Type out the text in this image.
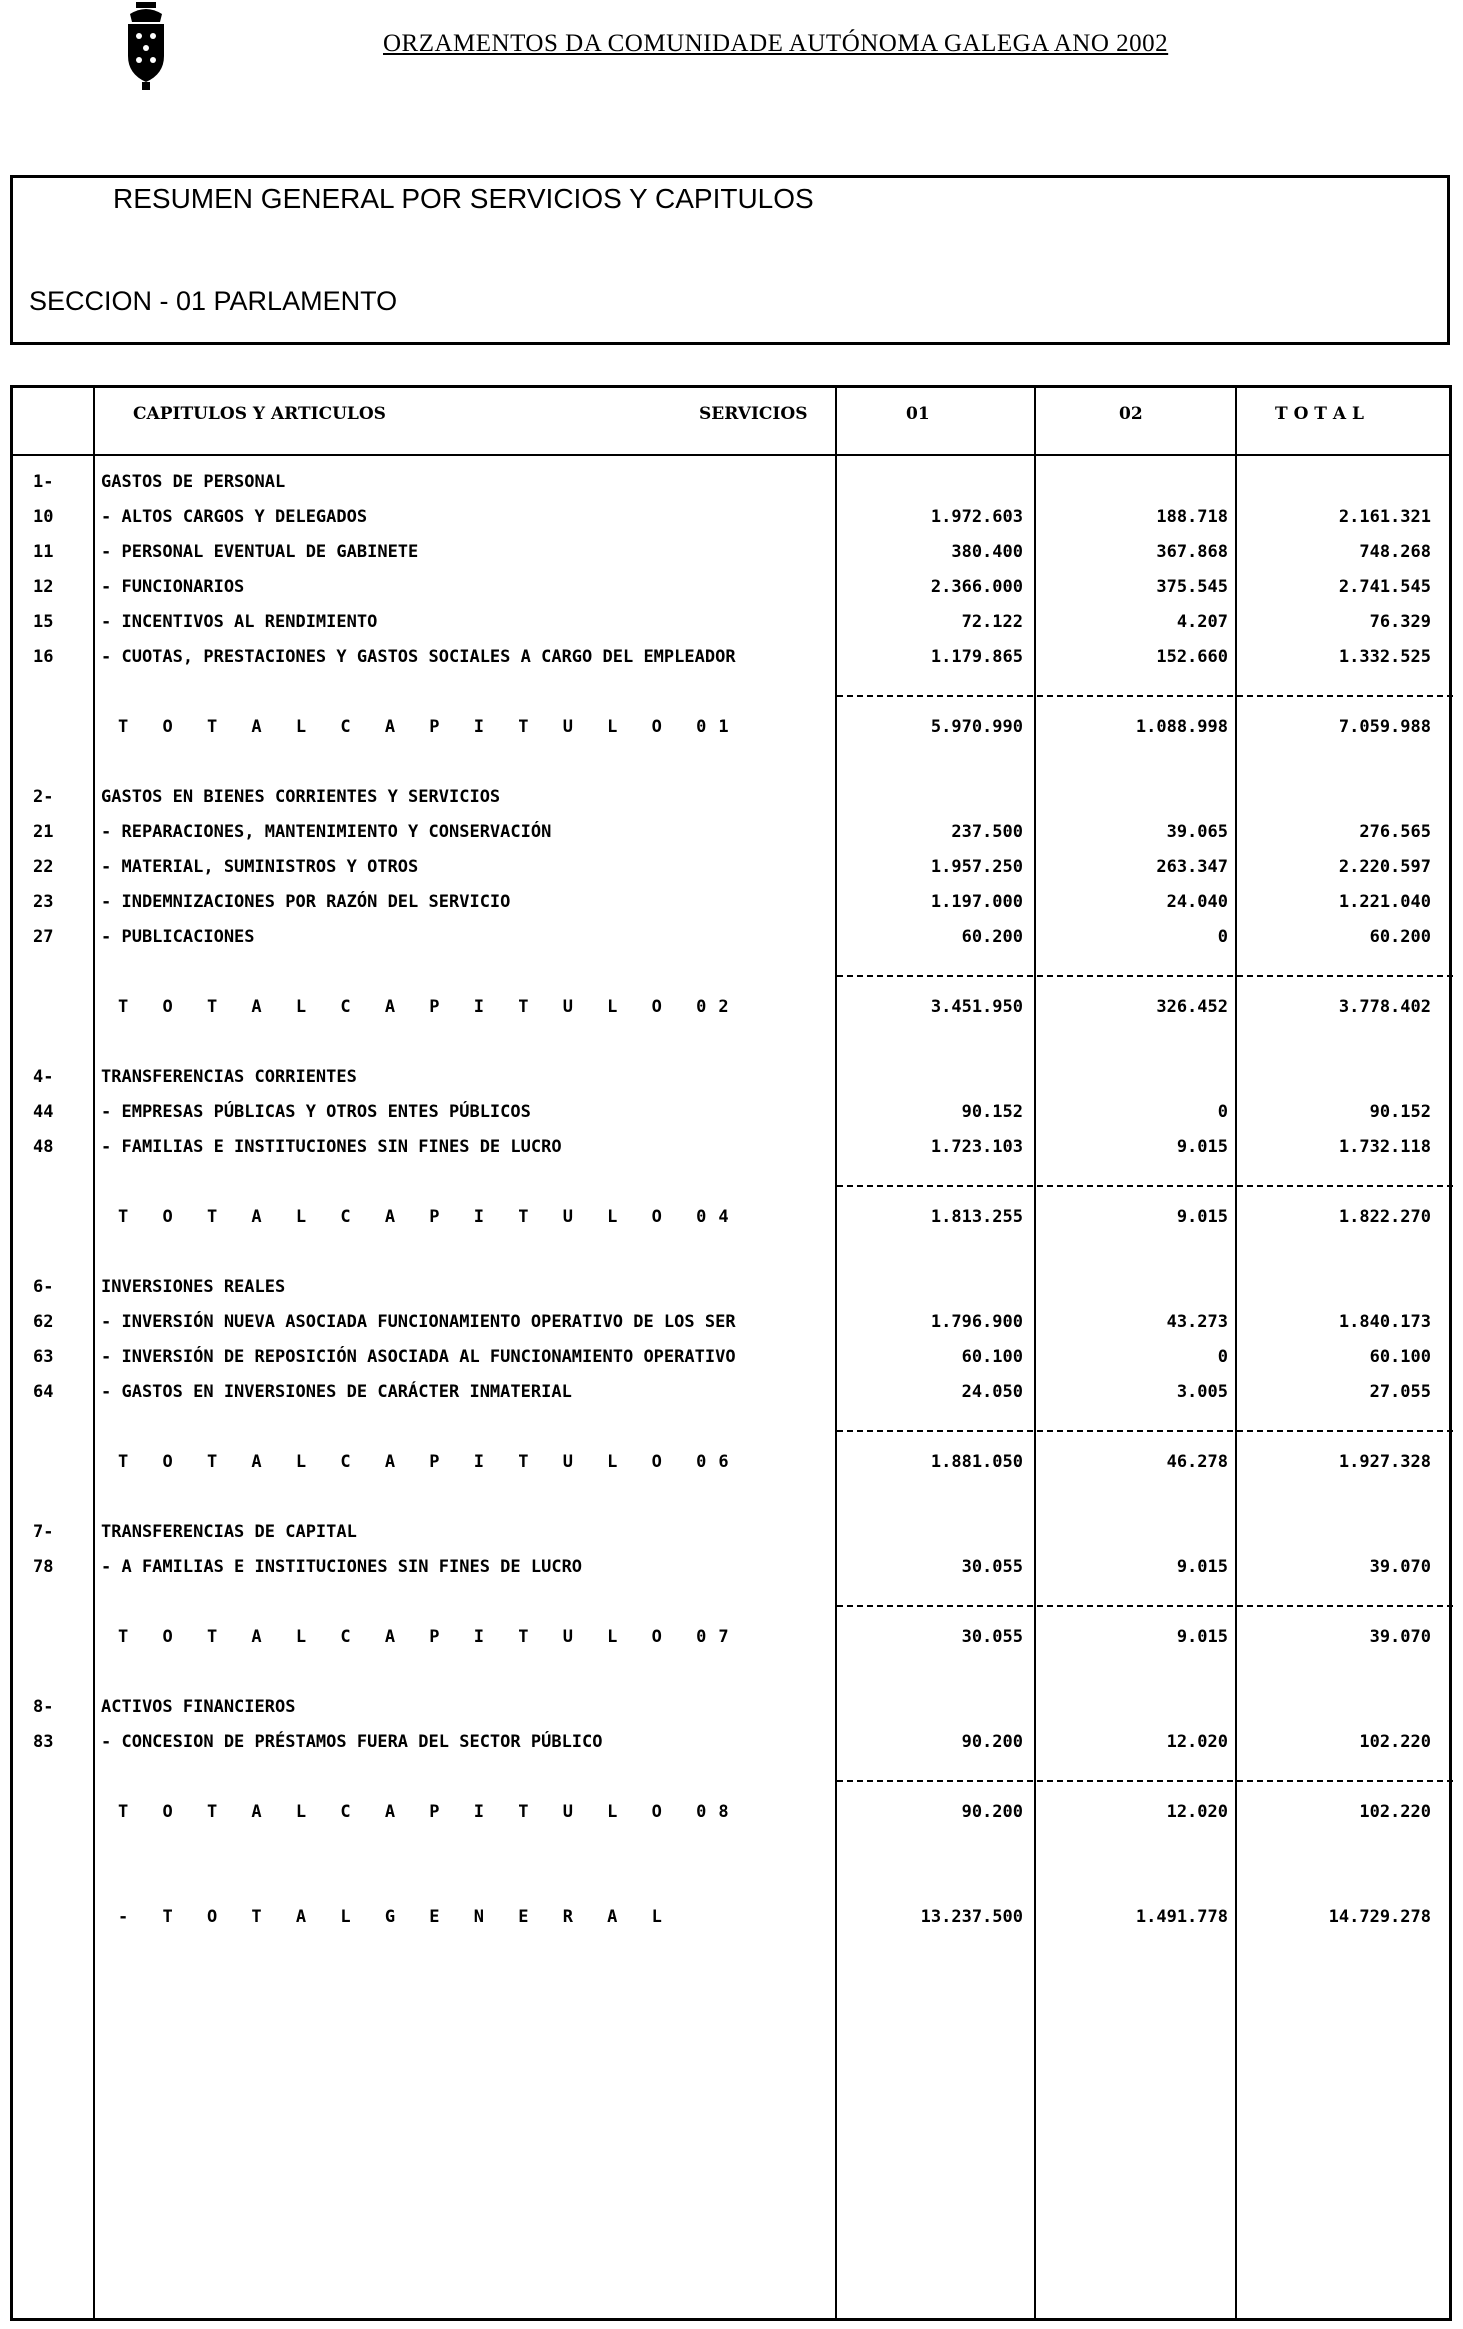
ORZAMENTOS DA COMUNIDADE AUTÓNOMA GALEGA ANO 2002
RESUMEN GENERAL POR SERVICIOS Y CAPITULOS
SECCION - 01 PARLAMENTO
CAPITULOS Y ARTICULOS	SERVICIOS	01	02	T O T A L
1-	GASTOS DE PERSONAL
10	- ALTOS CARGOS Y DELEGADOS	1.972.603	188.718	2.161.321
11	- PERSONAL EVENTUAL DE GABINETE	380.400	367.868	748.268
12	- FUNCIONARIOS	2.366.000	375.545	2.741.545
15	- INCENTIVOS AL RENDIMIENTO	72.122	4.207	76.329
16	- CUOTAS, PRESTACIONES Y GASTOS SOCIALES A CARGO DEL EMPLEADOR	1.179.865	152.660	1.332.525
T O T A L C A P I T U L O 01	5.970.990	1.088.998	7.059.988
2-	GASTOS EN BIENES CORRIENTES Y SERVICIOS
21	- REPARACIONES, MANTENIMIENTO Y CONSERVACIÓN	237.500	39.065	276.565
22	- MATERIAL, SUMINISTROS Y OTROS	1.957.250	263.347	2.220.597
23	- INDEMNIZACIONES POR RAZÓN DEL SERVICIO	1.197.000	24.040	1.221.040
27	- PUBLICACIONES	60.200	0	60.200
T O T A L C A P I T U L O 02	3.451.950	326.452	3.778.402
4-	TRANSFERENCIAS CORRIENTES
44	- EMPRESAS PÚBLICAS Y OTROS ENTES PÚBLICOS	90.152	0	90.152
48	- FAMILIAS E INSTITUCIONES SIN FINES DE LUCRO	1.723.103	9.015	1.732.118
T O T A L C A P I T U L O 04	1.813.255	9.015	1.822.270
6-	INVERSIONES REALES
62	- INVERSIÓN NUEVA ASOCIADA FUNCIONAMIENTO OPERATIVO DE LOS SER	1.796.900	43.273	1.840.173
63	- INVERSIÓN DE REPOSICIÓN ASOCIADA AL FUNCIONAMIENTO OPERATIVO	60.100	0	60.100
64	- GASTOS EN INVERSIONES DE CARÁCTER INMATERIAL	24.050	3.005	27.055
T O T A L C A P I T U L O 06	1.881.050	46.278	1.927.328
7-	TRANSFERENCIAS DE CAPITAL
78	- A FAMILIAS E INSTITUCIONES SIN FINES DE LUCRO	30.055	9.015	39.070
T O T A L C A P I T U L O 07	30.055	9.015	39.070
8-	ACTIVOS FINANCIEROS
83	- CONCESION DE PRÉSTAMOS FUERA DEL SECTOR PÚBLICO	90.200	12.020	102.220
T O T A L C A P I T U L O 08	90.200	12.020	102.220
- T O T A L G E N E R A L	13.237.500	1.491.778	14.729.278
